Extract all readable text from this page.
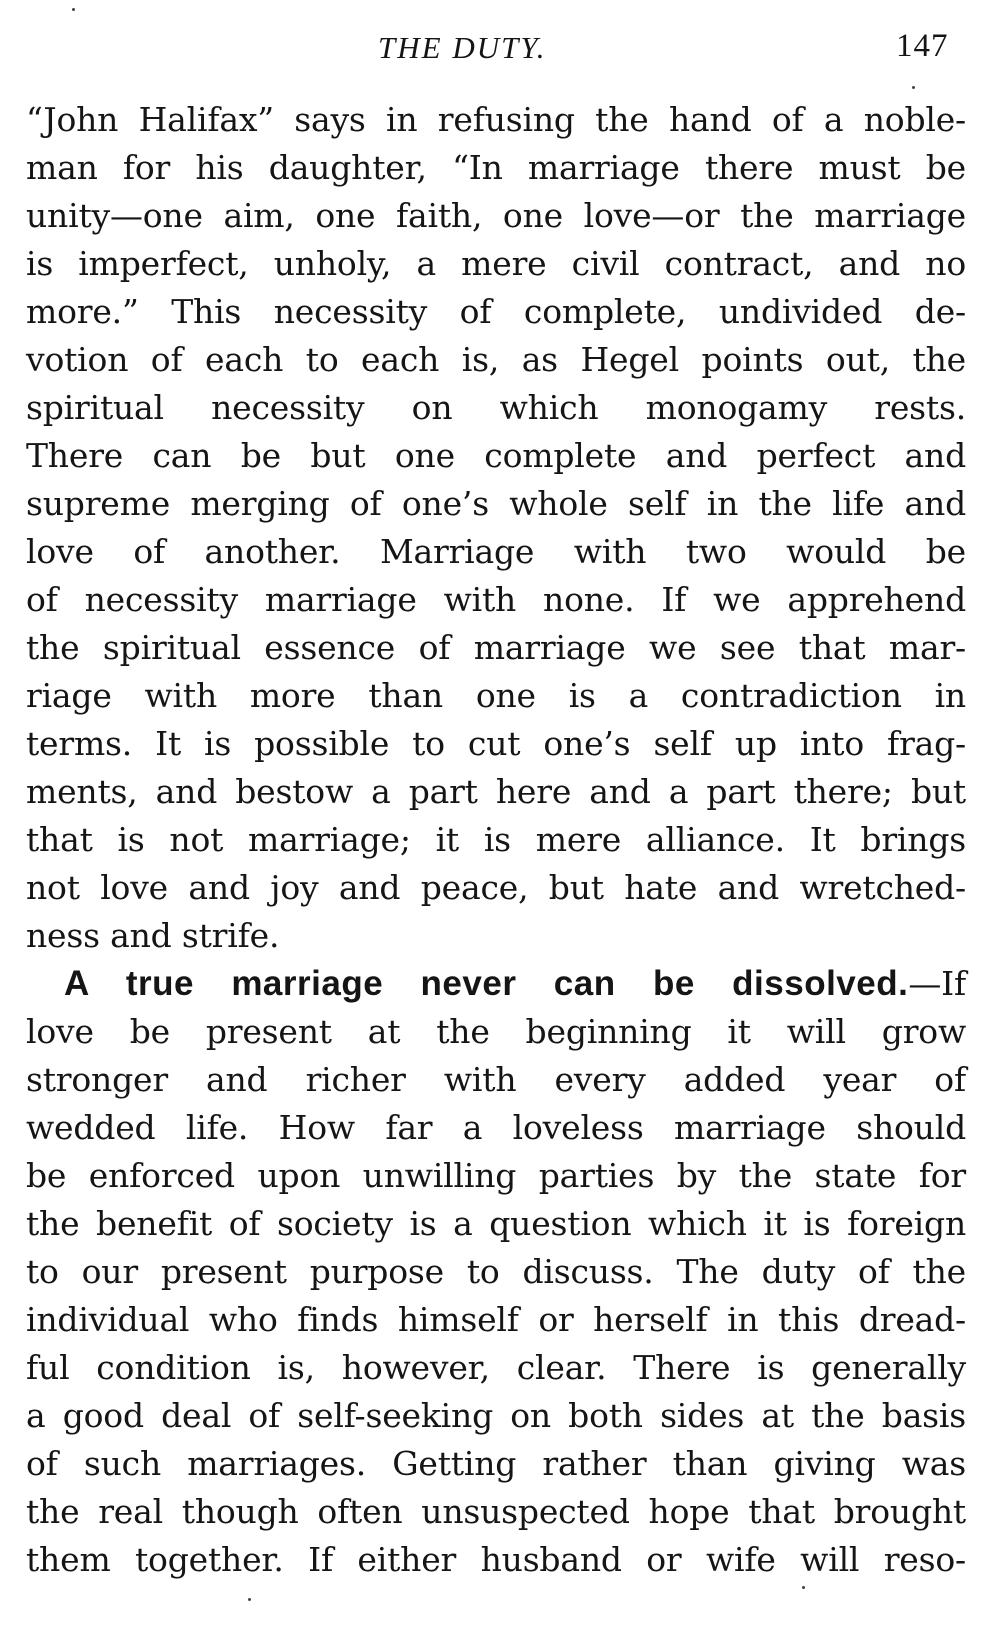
THE DUTY.	147
“John Halifax” says in refusing the hand of a noble-
man for his daughter, “In marriage there must be
unity—one aim, one faith, one love—or the marriage
is imperfect, unholy, a mere civil contract, and no
more.” This necessity of complete, undivided de-
votion of each to each is, as Hegel points out, the
spiritual necessity on which monogamy rests.
There can be but one complete and perfect and
supreme merging of one’s whole self in the life and
love of another. Marriage with two would be
of necessity marriage with none. If we apprehend
the spiritual essence of marriage we see that mar-
riage with more than one is a contradiction in
terms. It is possible to cut one’s self up into frag-
ments, and bestow a part here and a part there; but
that is not marriage; it is mere alliance. It brings
not love and joy and peace, but hate and wretched-
ness and strife.
A true marriage never can be dissolved.—If
love be present at the beginning it will grow
stronger and richer with every added year of
wedded life. How far a loveless marriage should
be enforced upon unwilling parties by the state for
the benefit of society is a question which it is foreign
to our present purpose to discuss. The duty of the
individual who finds himself or herself in this dread-
ful condition is, however, clear. There is generally
a good deal of self-seeking on both sides at the basis
of such marriages. Getting rather than giving was
the real though often unsuspected hope that brought
them together. If either husband or wife will reso-
